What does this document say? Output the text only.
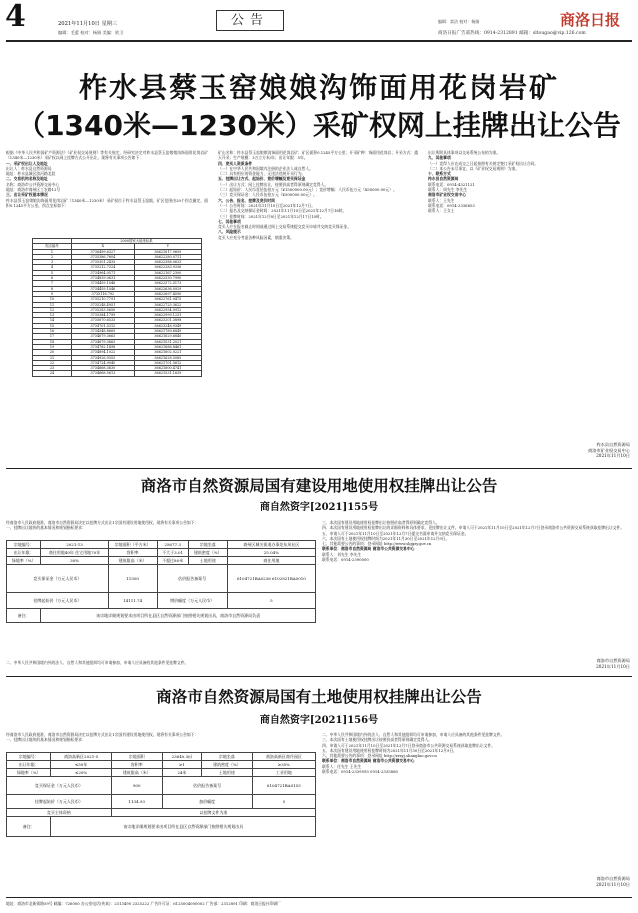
4	2021年11月10日 星期三
编辑：毛蕾 校对：杨娟 美编：欧卫
公告	编辑：栾洁 校对：杨娟
商洛日报广告部热线：0914-2312891 邮箱：sltougao@vip.126.com
商洛日报
柞水县蔡玉窑娘娘沟饰面用花岗岩矿
（1340米—1230米）采矿权网上挂牌出让公告

根据《中华人民共和国矿产资源法》《矿业权交易规则》等有关规定，经研究决定对柞水县蔡玉窑娘娘沟饰面用花岗岩矿（1340米—1230米）采矿权以网上挂牌方式公开出让。现将有关事项公告如下：

一、采矿权出让人及地址

出让人：柞水县自然资源局

地址：柞水县城区滨河路北段

二、交易机构名称及地址

名称：商洛市公共资源交易中心

地址：商洛市商州区工农路12号

三、出让采矿权基本情况

柞水县蔡玉窑娘娘沟饰面用花岗岩矿（1340米—1230米）采矿权位于柞水县蔡玉窑镇，矿区范围由20个拐点圈定，面积0.1245平方公里。拐点坐标如下：

	2000国家大地坐标系	
拐点编号	X	Y
1	3736499.6327	36621617.9609
2	3735386.7604	36622280.0711
3	3735301.2435	36622388.0633
4	3735212.7324	36622283.9336
5	3734964.0571	36622167.2300
6	3734839.0631	36622530.7990
7	3734459.1046	36622572.5173
8	3734459.1046	36622636.0929
9	3735116.792	36622697.4090
10	3735210.7791	36622761.9475
11	3735248.4951	36622725.3622
12	3735283.5650	36622954.0912
13	3735384.1799	36622999.1231
14	3735670.6533	36623201.3898
15	3734701.5312	36623248.9349
16	3734548.8665	36621789.6849
17	3734679.3663	36621629.6840
18	3734679.3663	36621031.2021
19	3734782.1498	36621686.8461
20	3734894.1022	36621602.0221
21	3734926.9353	36621628.5085
22	3734724.9040	36621701.5612
23	3734668.3630	36621600.4741
24	3734668.5613	36621531.1639

矿山名称：柞水县蔡玉窑娘娘沟饰面用花岗岩矿；矿区面积0.1245平方公里；开采矿种：饰面用花岗岩；开采方式：露天开采；生产规模：3万立方米/年；出让年限：5年。

四、竞买人资质条件

（一）在中华人民共和国境内注册的企业法人或自然人。

（二）具有相应的资金能力，无违法违规开采行为。

五、挂牌出让方式、起始价、竞价增幅及竞买保证金

（一）出让方式：网上挂牌出让，按照价高者得原则确定竞得人。

（二）起始价：人民币壹佰伍拾万元（¥1500000.00元）；竞价增幅：人民币伍万元（¥50000.00元）。

（三）竞买保证金：人民币伍拾万元（¥500000.00元）。

六、公告、报名、挂牌及竞价时间

（一）公告时间：2021年11月10日至2021年12月7日。

（二）报名及交纳保证金时间：2021年11月10日至2021年12月7日16时。

（三）挂牌时间：2021年12月8日至2021年12月17日10时。

七、其他事项

竞买人应在报名截止时间前通过网上交易系统提交竞买申请并交纳竞买保证金。

八、风险提示

竞买人应充分考虑各种风险因素，慎重决策。

出让所附具体事项以交易系统公布的为准。

九、其他事项

（一）竞得人应在成交之日起按照有关规定签订采矿权出让合同。

（二）本公告未尽事宜，以《矿业权交易规则》为准。

十、联系方式

柞水县自然资源局

联系电话：0914-4321121

联系人：周先生 李先生

商洛市矿业权交易中心

联系人：王先生

联系电话：0914-2336653

联系人：王女士

柞水县自然资源局
商洛市矿业权交易中心
2021年11月10日
商洛市自然资源局国有建设用地使用权挂牌出让公告
商自然资字[2021]155号

经商洛市人民政府批准，商洛市自然资源局决定以挂牌方式出让1宗国有建设用地使用权。现将有关事项公告如下：

一、挂牌出让地块的基本情况和规划指标要求：

宗地编号：	2021-13	宗地面积（平方米）	25677.3	宗地坐落	商州区城关街道办事处东风社区
出让年限：	商住用地40年 住宅用地70年	容积率	不大于3.01	建筑密度（%）	25.04%
绿地率（%）	30%	建筑限高（米）	不超过80米	土地用途	商住用地
竞买保证金（万元人民币）		11500	估价报告备案号		6104721BA0236 6102821BA0010
挂牌起始价（万元人民币）		14111.74	增价幅度（万元人民币）		5
备注：	该宗地详细规划要求由项目所在县区自然资源部门按照相关规划出具，商洛市自然资源局负责				

二、中华人民共和国境内外的法人、自然人和其他组织均可申请参加，申请人应具备的其他条件见挂牌文件。

三、本次国有建设用地使用权挂牌出让按照价高者得原则确定竞得人。

四、本次国有建设用地使用权挂牌出让的详细资料和具体要求，见挂牌出让文件。申请人可于2021年11月10日至2021年12月7日登录商洛市公共资源交易系统获取挂牌出让文件。

五、申请人可于2021年11月10日至2021年12月7日提交书面申请并交纳竞买保证金。

六、本次国有土地使用权挂牌时间为2021年11月30日至2021年12月9日。

七、其他需要公告的事项：登录网址 http://www.slggzy.gov.cn

联系单位：商洛市自然资源局 商洛市公共资源交易中心

联系人：刘先生 李先生

联系电话：0914-2390000

商洛市自然资源局
2021年11月10日
商洛市自然资源局国有土地使用权挂牌出让公告
商自然资字[2021]156号

经商洛市人民政府批准，商洛市自然资源局决定以挂牌方式出让1宗国有建设用地使用权。现将有关事项公告如下：

一、挂牌出让地块的基本情况和规划指标要求：

宗地编号：	商洛高新区2021-5	宗地面积	23640.3㎡	宗地坐落	商洛高新区商丹园区
出让年限：	≤50年	容积率	≥1	建筑密度（%）	≥35%
绿地率（%）	≤20%	建筑限高（米）	24米	土地用途	工业用地
竞买保证金（万元人民币）		900	估价报告备案号		6104721BA0155
挂牌起始价（万元人民币）		1134.93	加价幅度		5
竞买主体资格		以挂牌文件为准			
备注：	该宗地详细规划要求由项目所在县区自然资源部门按照相关规划出具				

二、中华人民共和国境内外的法人、自然人和其他组织均可申请参加，申请人应具备的其他条件见挂牌文件。

三、本次国有土地使用权挂牌出让按照价高者得原则确定竞得人。

四、申请人可于2021年11月10日至2021年12月7日登录商洛市公共资源交易系统获取挂牌出让文件。

五、本次国有建设用地使用权挂牌时间为2021年11月30日至2021年12月9日。

六、其他需要公告的事项：登录网址 http://zrzyj.shangluo.gov.cn

联系单位：商洛市自然资源局 商洛市公共资源交易中心

联系人：任先生 王先生

联系电话：0914-2339593 0914-2335880

商洛市自然资源局
2021年11月10日
地址：商洛市北新街路59号 邮编：726000 办公室电话(传真)：2313490 2325222 广告许可证：6125004000002 广告部：2312891 印刷：商洛日报社印刷厂
